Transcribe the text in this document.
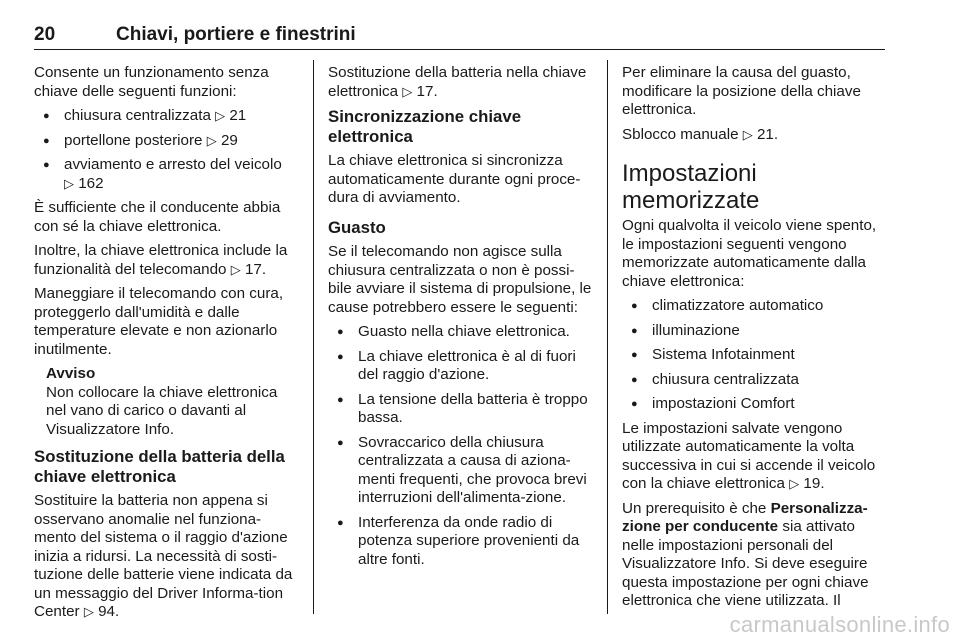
20	Chiavi, portiere e finestrini

Consente un funzionamento senza chiave delle seguenti funzioni:

● chiusura centralizzata ▷ 21
● portellone posteriore ▷ 29
● avviamento e arresto del veicolo
▷ 162

È sufficiente che il conducente abbia con sé la chiave elettronica.

Inoltre, la chiave elettronica include la funzionalità del telecomando ▷ 17.

Maneggiare il telecomando con cura, proteggerlo dall'umidità e dalle temperature elevate e non azionarlo inutilmente.

Avviso
Non collocare la chiave elettronica nel vano di carico o davanti al Visualizzatore Info.
Sostituzione della batteria della chiave elettronica

Sostituire la batteria non appena si osservano anomalie nel funziona-mento del sistema o il raggio d'azione inizia a ridursi. La necessità di sosti-tuzione delle batterie viene indicata da un messaggio del Driver Informa-tion Center ▷ 94.

Sostituzione della batteria nella chiave elettronica ▷ 17.

Sincronizzazione chiave elettronica

La chiave elettronica si sincronizza automaticamente durante ogni proce-dura di avviamento.

Guasto

Se il telecomando non agisce sulla chiusura centralizzata o non è possi-bile avviare il sistema di propulsione, le cause potrebbero essere le seguenti:

● Guasto nella chiave elettronica.
● La chiave elettronica è al di fuori del raggio d'azione.
● La tensione della batteria è troppo bassa.
● Sovraccarico della chiusura centralizzata a causa di aziona-menti frequenti, che provoca brevi interruzioni dell'alimenta-zione.
● Interferenza da onde radio di potenza superiore provenienti da altre fonti.

Per eliminare la causa del guasto, modificare la posizione della chiave elettronica.

Sblocco manuale ▷ 21.

Impostazioni memorizzate

Ogni qualvolta il veicolo viene spento, le impostazioni seguenti vengono memorizzate automaticamente dalla chiave elettronica:

● climatizzatore automatico
● illuminazione
● Sistema Infotainment
● chiusura centralizzata
● impostazioni Comfort

Le impostazioni salvate vengono utilizzate automaticamente la volta successiva in cui si accende il veicolo con la chiave elettronica ▷ 19.

Un prerequisito è che Personalizza-zione per conducente sia attivato nelle impostazioni personali del Visualizzatore Info. Si deve eseguire questa impostazione per ogni chiave elettronica che viene utilizzata. Il

carmanualsonline.info
